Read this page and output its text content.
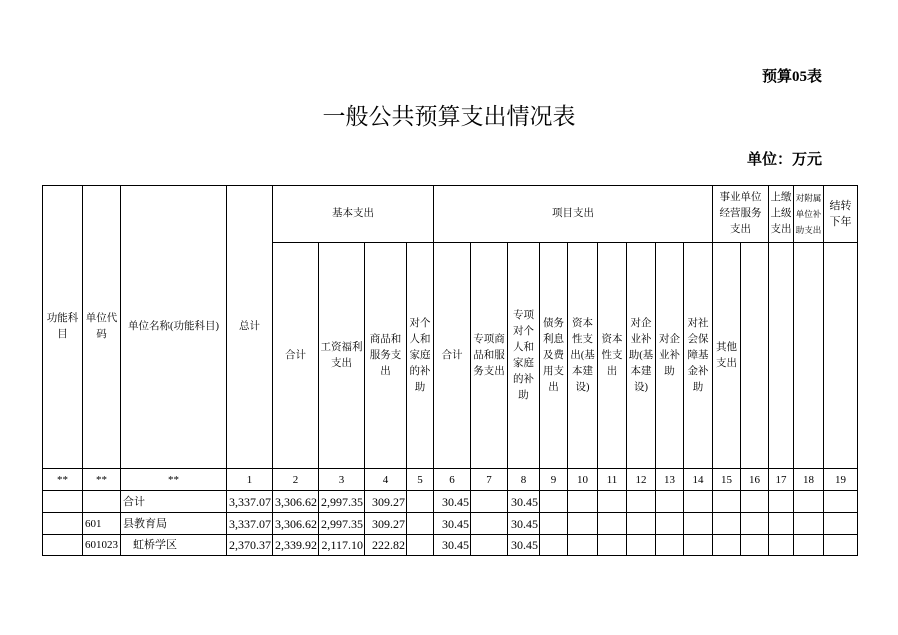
预算05表
一般公共预算支出情况表
单位：万元
功能科目	单位代码	单位名称(功能科目)	总计	基本支出				项目支出									事业单位经营服务支出		上缴上级支出	对附属单位补助支出	结转下年
				合计	工资福利支出	商品和服务支出	对个人和家庭的补助	合计	专项商品和服务支出	专项对个人和家庭的补助	债务利息及费用支出	资本性支出(基本建设)	资本性支出	对企业补助(基本建设)	对企业补助	对社会保障基金补助	其他支出				
**	**	**	1	2	3	4	5	6	7	8	9	10	11	12	13	14	15	16	17	18	19
		合计	3,337.07	3,306.62	2,997.35	309.27		30.45		30.45											
	601	县教育局	3,337.07	3,306.62	2,997.35	309.27		30.45		30.45											
	601023	虹桥学区	2,370.37	2,339.92	2,117.10	222.82		30.45		30.45											
